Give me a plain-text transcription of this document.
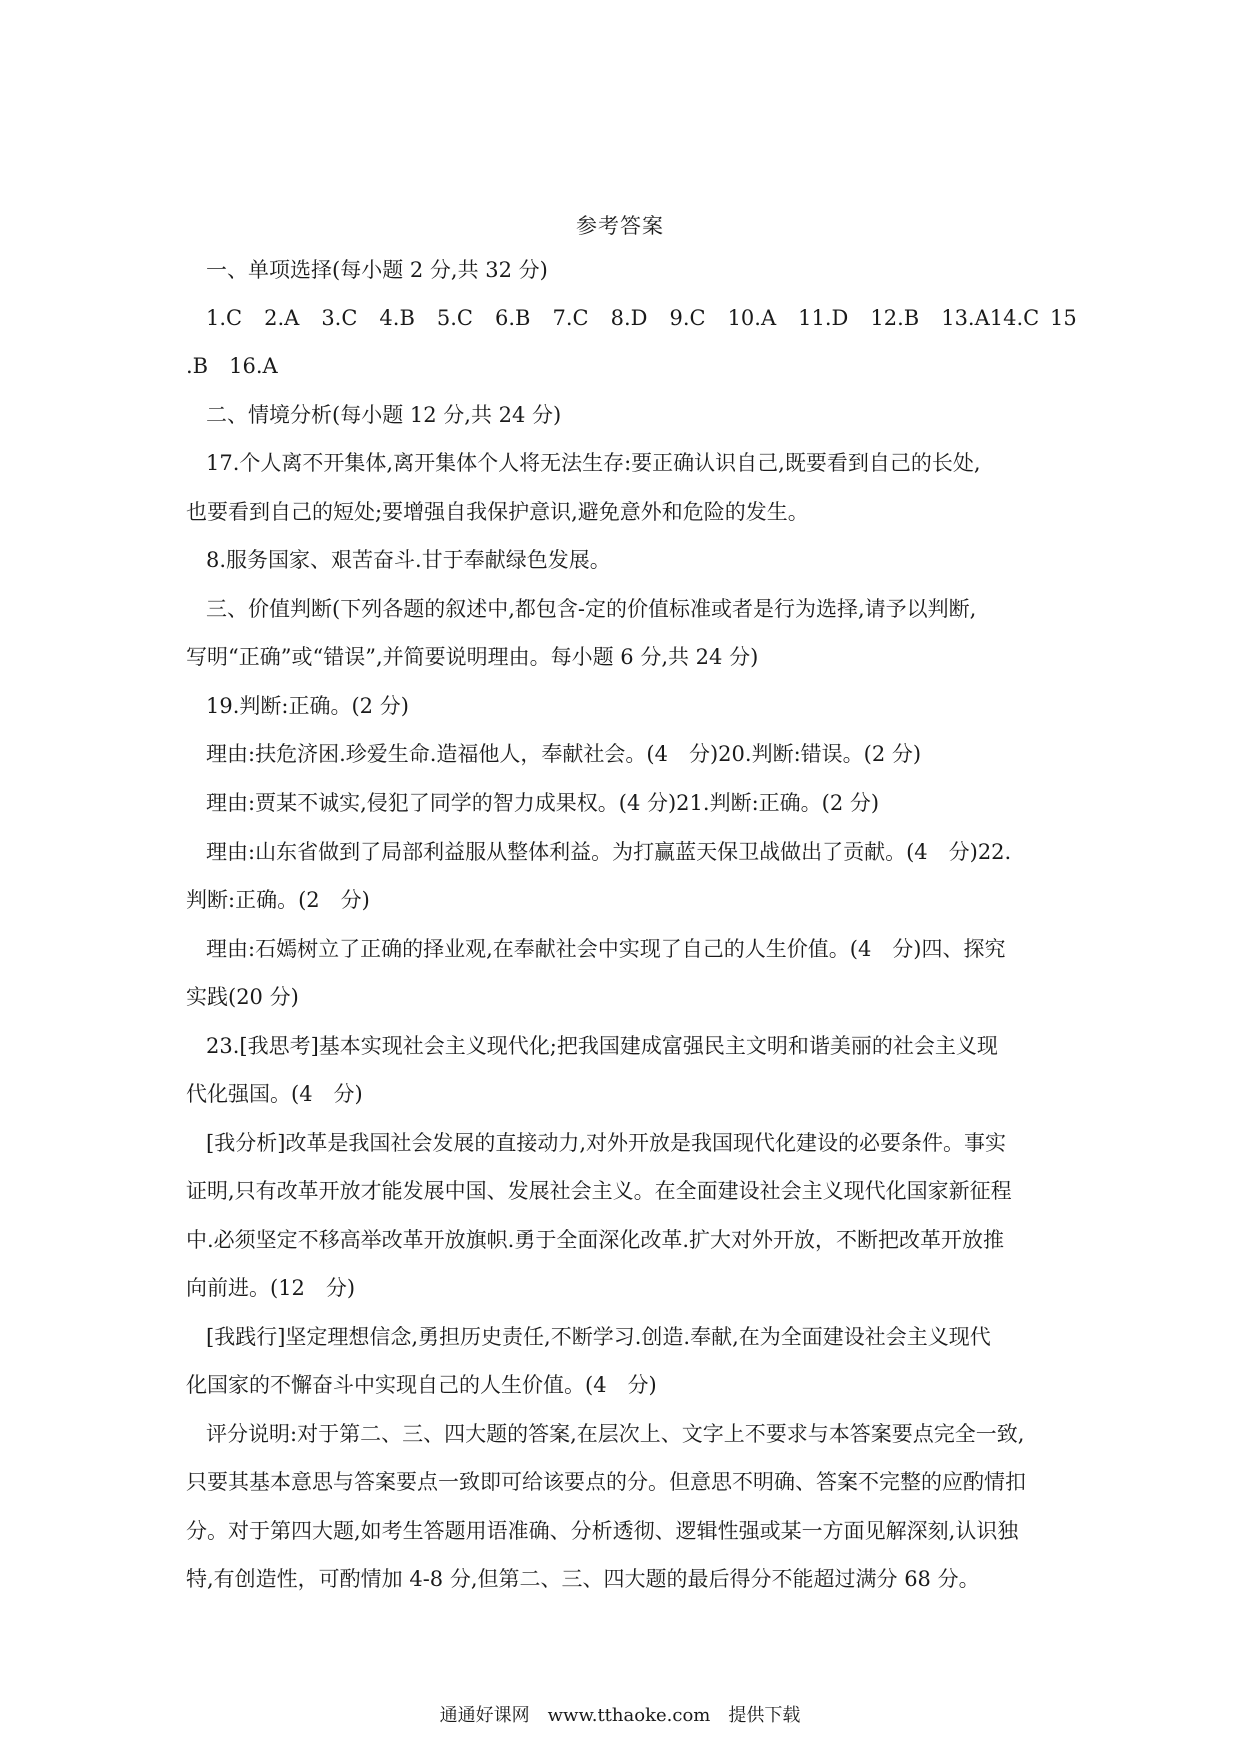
参考答案
一、单项选择(每小题 2 分,共 32 分)
1.C 2.A 3.C 4.B 5.C 6.B 7.C 8.D 9.C 10.A 11.D 12.B 13.A14.C 15
.B　16.A
二、情境分析(每小题 12 分,共 24 分)
17.个人离不开集体,离开集体个人将无法生存:要正确认识自己,既要看到自己的长处,
也要看到自己的短处;要增强自我保护意识,避免意外和危险的发生。
8.服务国家、艰苦奋斗.甘于奉献绿色发展。
三、价值判断(下列各题的叙述中,都包含-定的价值标准或者是行为选择,请予以判断,
写明“正确”或“错误”,并简要说明理由。每小题 6 分,共 24 分)
19.判断:正确。(2 分)
理由:扶危济困.珍爱生命.造福他人，奉献社会。(4　分)20.判断:错误。(2 分)
理由:贾某不诚实,侵犯了同学的智力成果权。(4 分)21.判断:正确。(2 分)
理由:山东省做到了局部利益服从整体利益。为打赢蓝天保卫战做出了贡献。(4　分)22.
判断:正确。(2　分)
理由:石嫣树立了正确的择业观,在奉献社会中实现了自己的人生价值。(4　分)四、探究
实践(20 分)
23.[我思考]基本实现社会主义现代化;把我国建成富强民主文明和谐美丽的社会主义现
代化强国。(4　分)
[我分析]改革是我国社会发展的直接动力,对外开放是我国现代化建设的必要条件。事实
证明,只有改革开放才能发展中国、发展社会主义。在全面建设社会主义现代化国家新征程
中.必须坚定不移高举改革开放旗帜.勇于全面深化改革.扩大对外开放，不断把改革开放推
向前进。(12　分)
[我践行]坚定理想信念,勇担历史责任,不断学习.创造.奉献,在为全面建设社会主义现代
化国家的不懈奋斗中实现自己的人生价值。(4　分)
评分说明:对于第二、三、四大题的答案,在层次上、文字上不要求与本答案要点完全一致,
只要其基本意思与答案要点一致即可给该要点的分。但意思不明确、答案不完整的应酌情扣
分。对于第四大题,如考生答题用语准确、分析透彻、逻辑性强或某一方面见解深刻,认识独
特,有创造性，可酌情加 4-8 分,但第二、三、四大题的最后得分不能超过满分 68 分。
通通好课网　www.tthaoke.com　提供下载
